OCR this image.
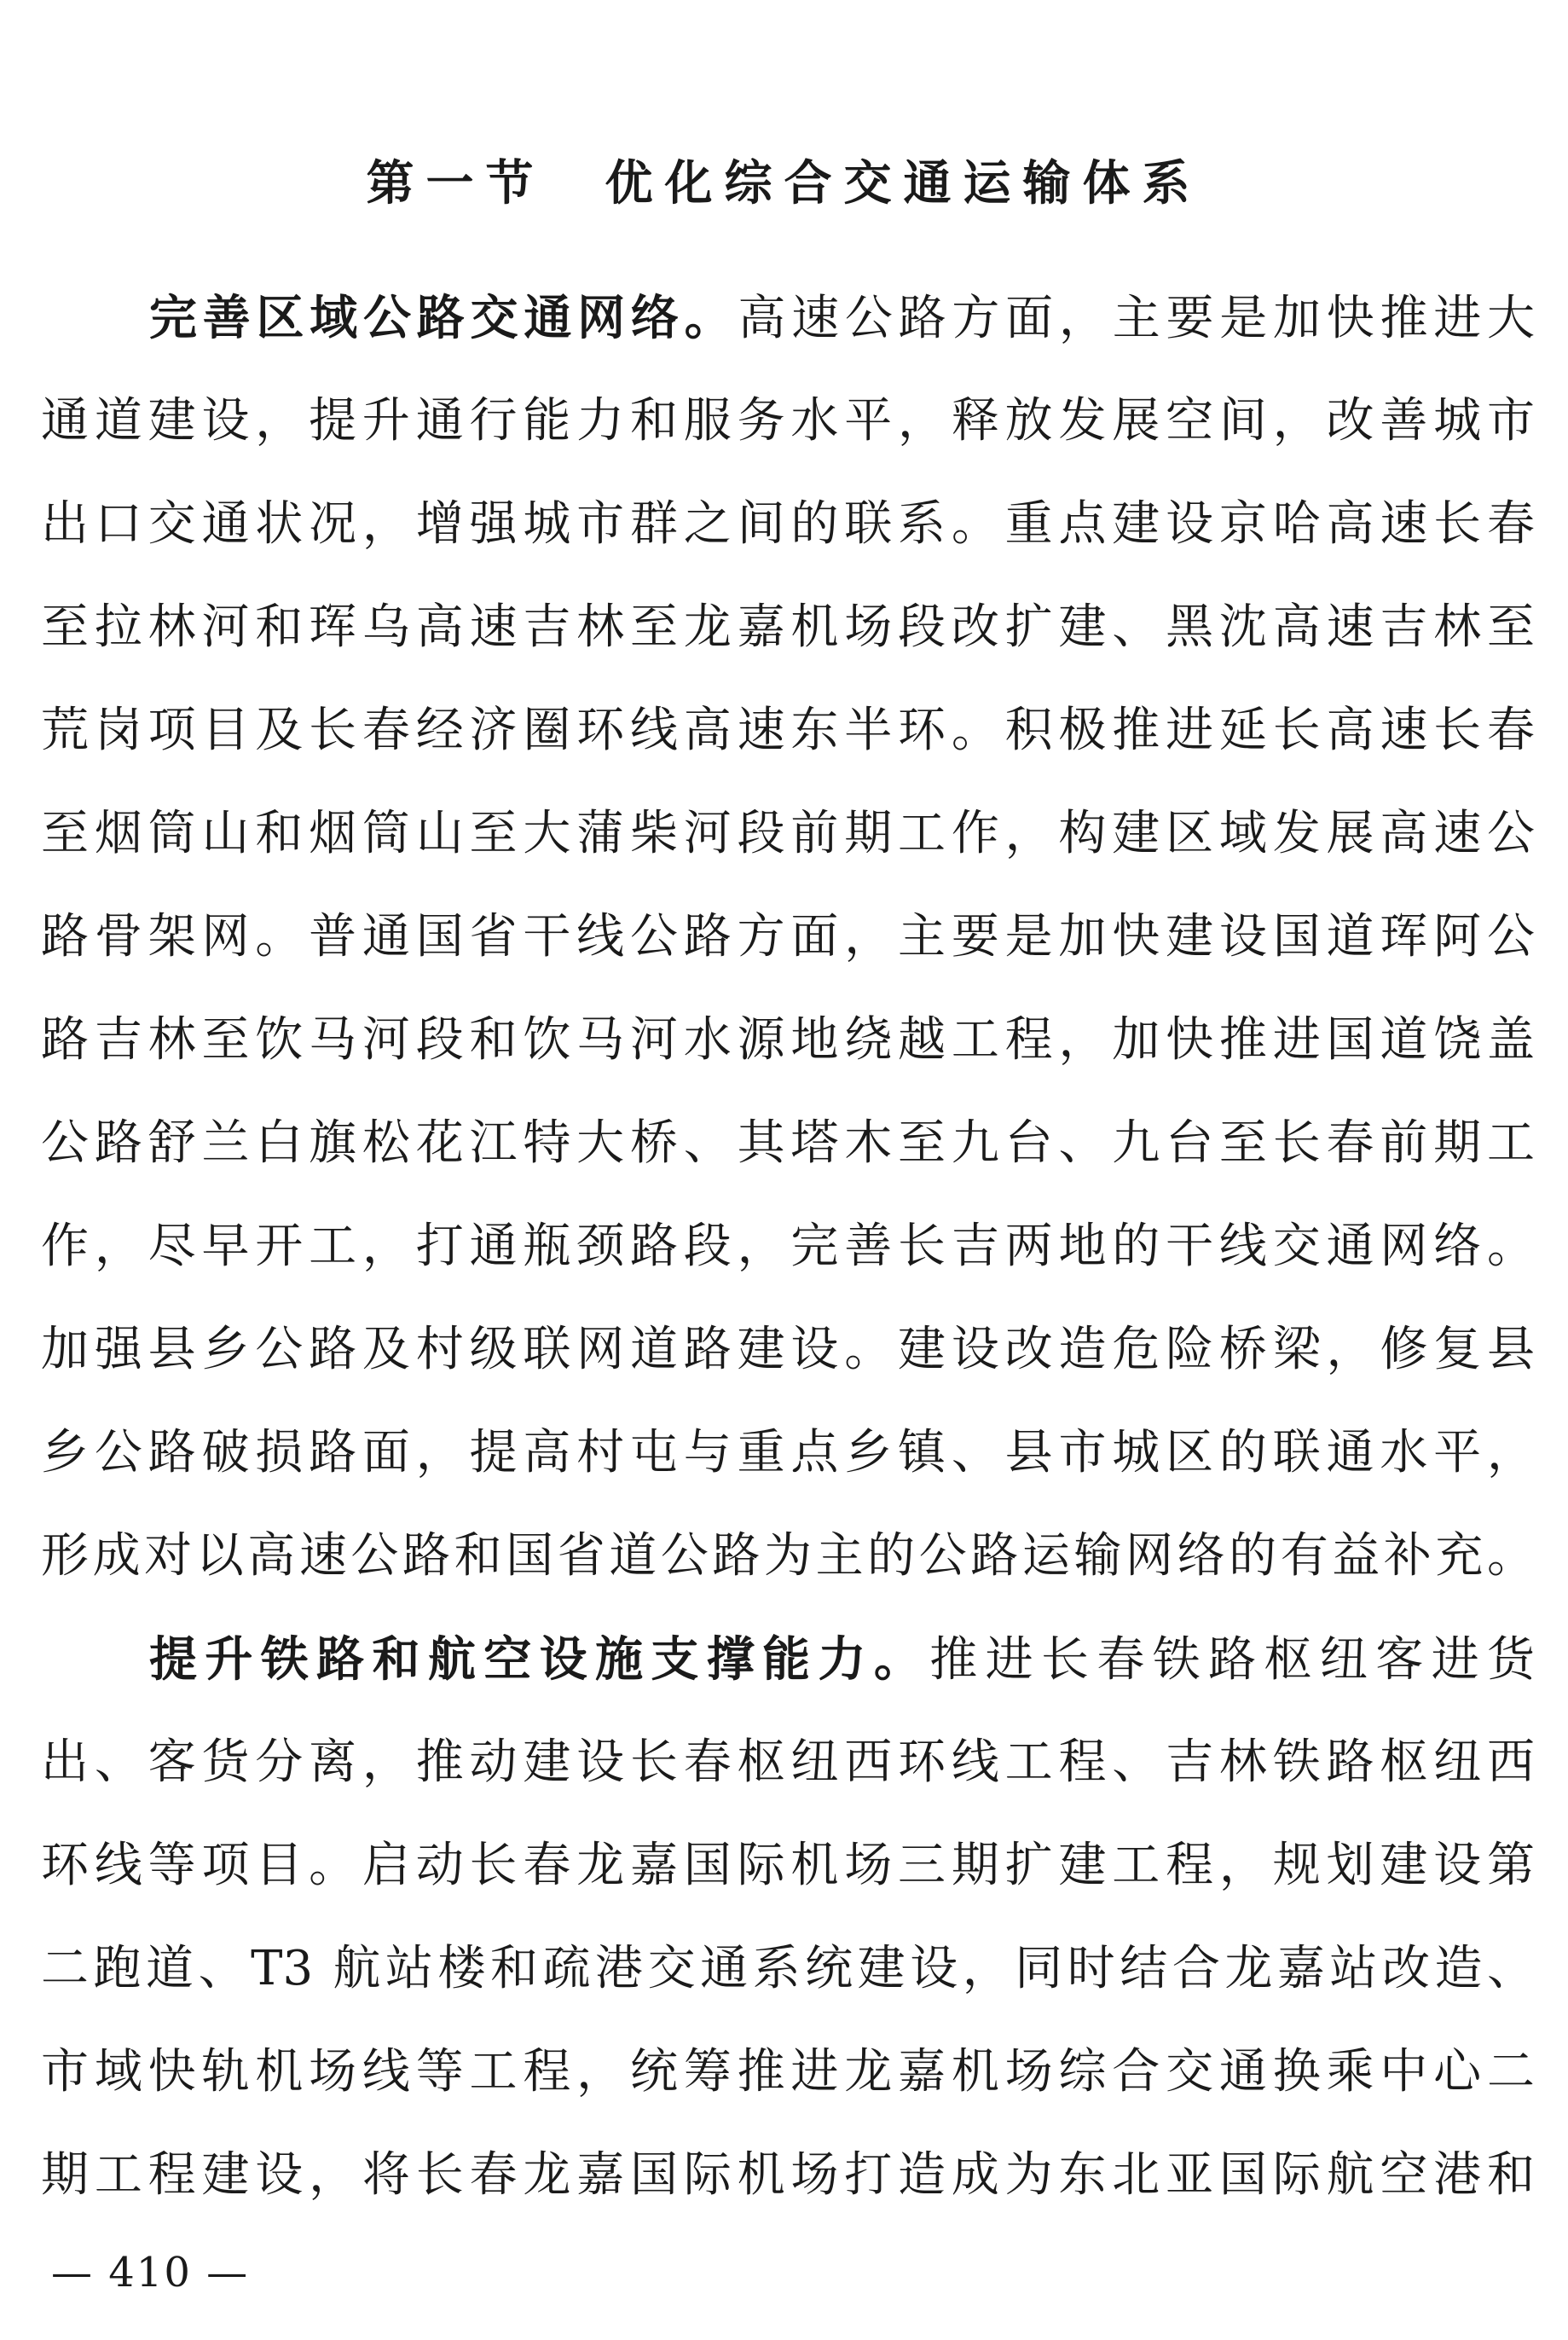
第一节　优化综合交通运输体系
完善区域公路交通网络。高速公路方面，主要是加快推进大
通道建设，提升通行能力和服务水平，释放发展空间，改善城市
出口交通状况，增强城市群之间的联系。重点建设京哈高速长春
至拉林河和珲乌高速吉林至龙嘉机场段改扩建、黑沈高速吉林至
荒岗项目及长春经济圈环线高速东半环。积极推进延长高速长春
至烟筒山和烟筒山至大蒲柴河段前期工作，构建区域发展高速公
路骨架网。普通国省干线公路方面，主要是加快建设国道珲阿公
路吉林至饮马河段和饮马河水源地绕越工程，加快推进国道饶盖
公路舒兰白旗松花江特大桥、其塔木至九台、九台至长春前期工
作，尽早开工，打通瓶颈路段，完善长吉两地的干线交通网络。
加强县乡公路及村级联网道路建设。建设改造危险桥梁，修复县
乡公路破损路面，提高村屯与重点乡镇、县市城区的联通水平，
形成对以高速公路和国省道公路为主的公路运输网络的有益补充。
提升铁路和航空设施支撑能力。推进长春铁路枢纽客进货
出、客货分离，推动建设长春枢纽西环线工程、吉林铁路枢纽西
环线等项目。启动长春龙嘉国际机场三期扩建工程，规划建设第
二跑道、T3 航站楼和疏港交通系统建设，同时结合龙嘉站改造、
市域快轨机场线等工程，统筹推进龙嘉机场综合交通换乘中心二
期工程建设，将长春龙嘉国际机场打造成为东北亚国际航空港和
— 410 —
